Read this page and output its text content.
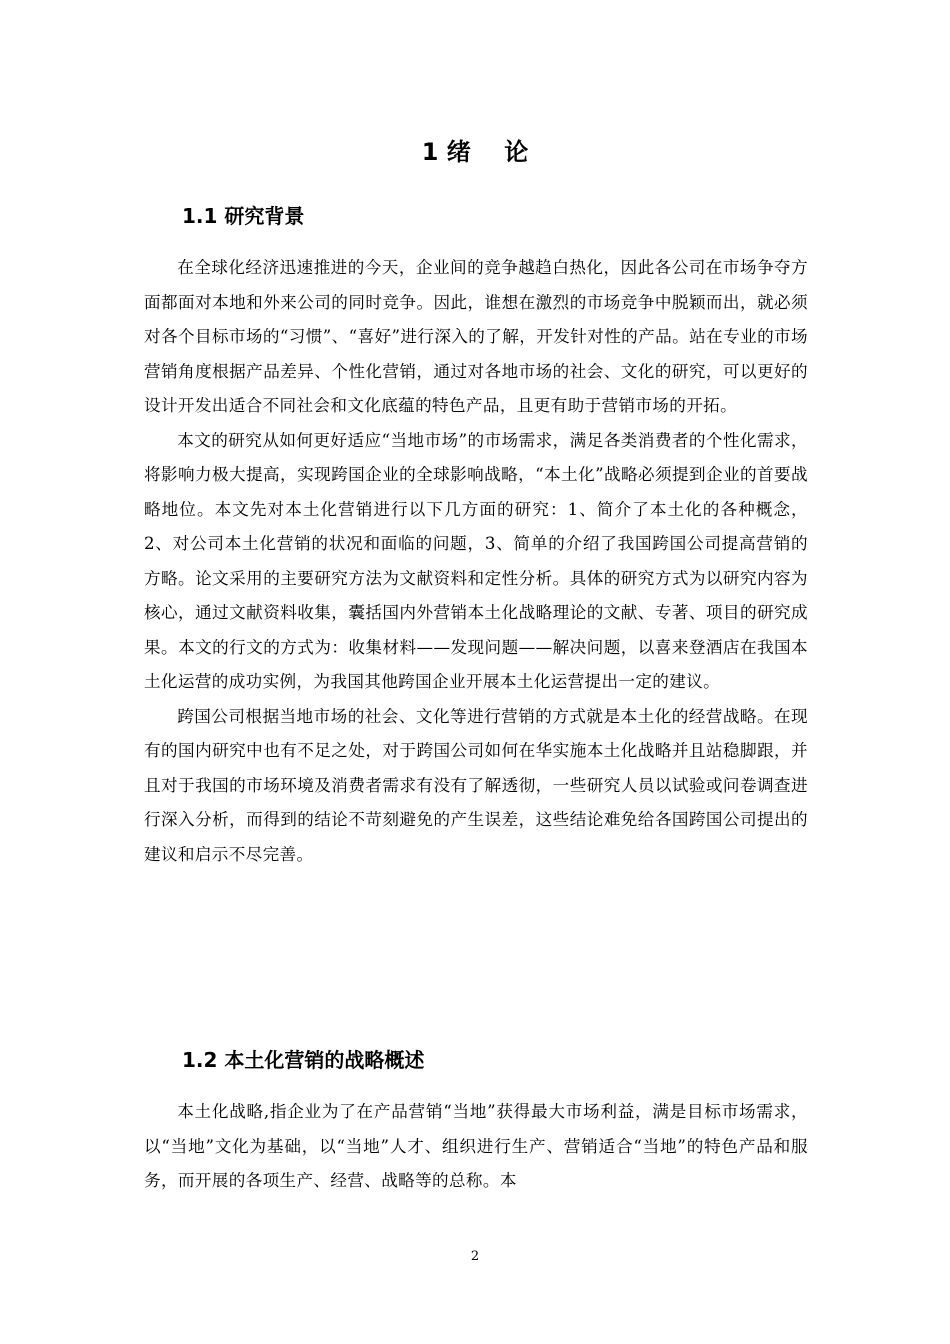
1 绪    论
1.1 研究背景

在全球化经济迅速推进的今天，企业间的竞争越趋白热化，因此各公司在市场争夺方面都面对本地和外来公司的同时竞争。因此，谁想在激烈的市场竞争中脱颖而出，就必须对各个目标市场的“习惯”、“喜好”进行深入的了解，开发针对性的产品。站在专业的市场营销角度根据产品差异、个性化营销，通过对各地市场的社会、文化的研究，可以更好的设计开发出适合不同社会和文化底蕴的特色产品，且更有助于营销市场的开拓。

本文的研究从如何更好适应“当地市场”的市场需求，满足各类消费者的个性化需求，将影响力极大提高，实现跨国企业的全球影响战略，“本土化”战略必须提到企业的首要战略地位。本文先对本土化营销进行以下几方面的研究：1、简介了本土化的各种概念，2、对公司本土化营销的状况和面临的问题，3、简单的介绍了我国跨国公司提高营销的方略。论文采用的主要研究方法为文献资料和定性分析。具体的研究方式为以研究内容为核心，通过文献资料收集，囊括国内外营销本土化战略理论的文献、专著、项目的研究成果。本文的行文的方式为：收集材料——发现问题——解决问题，以喜来登酒店在我国本土化运营的成功实例，为我国其他跨国企业开展本土化运营提出一定的建议。

跨国公司根据当地市场的社会、文化等进行营销的方式就是本土化的经营战略。在现有的国内研究中也有不足之处，对于跨国公司如何在华实施本土化战略并且站稳脚跟，并且对于我国的市场环境及消费者需求有没有了解透彻，一些研究人员以试验或问卷调查进行深入分析，而得到的结论不苛刻避免的产生误差，这些结论难免给各国跨国公司提出的建议和启示不尽完善。

1.2 本土化营销的战略概述

本土化战略,指企业为了在产品营销“当地”获得最大市场利益，满是目标市场需求，以“当地”文化为基础，以“当地”人才、组织进行生产、营销适合“当地”的特色产品和服务，而开展的各项生产、经营、战略等的总称。本

2
